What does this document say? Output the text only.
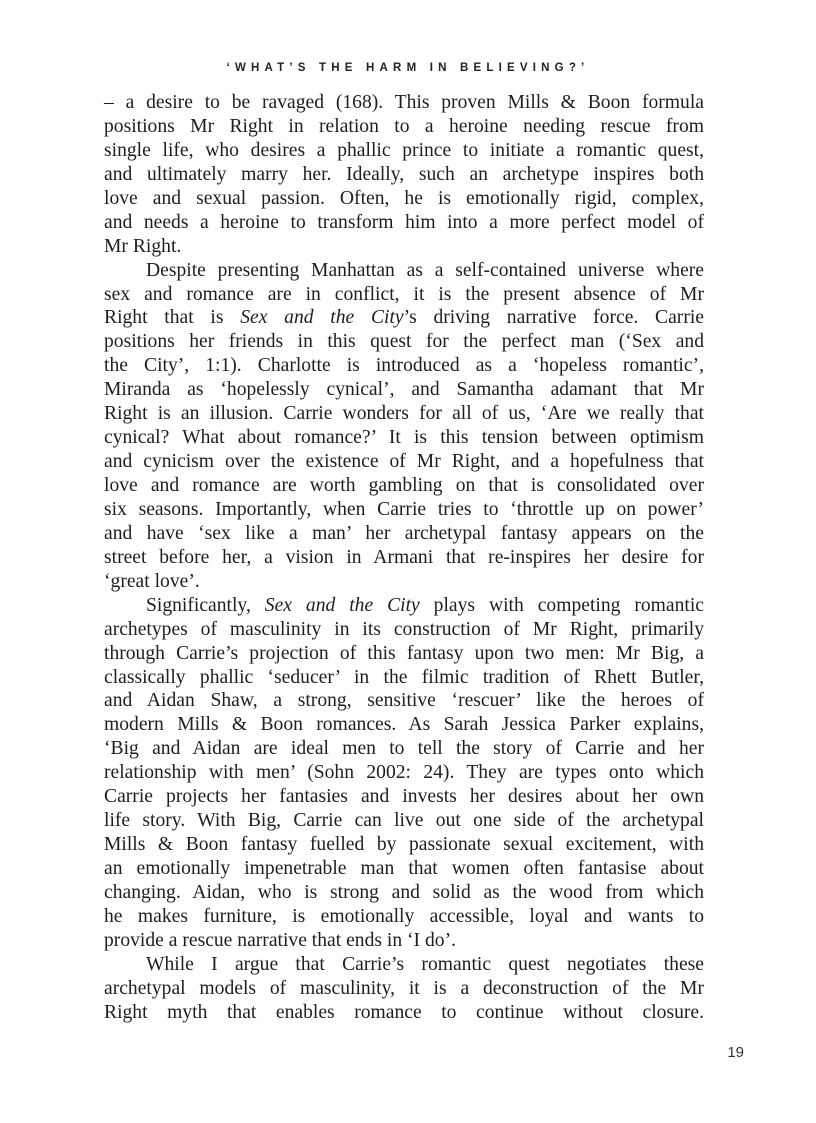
‘WHAT’S THE HARM IN BELIEVING?’
– a desire to be ravaged (168). This proven Mills & Boon formula
positions Mr Right in relation to a heroine needing rescue from
single life, who desires a phallic prince to initiate a romantic quest,
and ultimately marry her. Ideally, such an archetype inspires both
love and sexual passion. Often, he is emotionally rigid, complex,
and needs a heroine to transform him into a more perfect model of
Mr Right.
Despite presenting Manhattan as a self-contained universe where
sex and romance are in conflict, it is the present absence of Mr
Right that is Sex and the City’s driving narrative force. Carrie
positions her friends in this quest for the perfect man (‘Sex and
the City’, 1:1). Charlotte is introduced as a ‘hopeless romantic’,
Miranda as ‘hopelessly cynical’, and Samantha adamant that Mr
Right is an illusion. Carrie wonders for all of us, ‘Are we really that
cynical? What about romance?’ It is this tension between optimism
and cynicism over the existence of Mr Right, and a hopefulness that
love and romance are worth gambling on that is consolidated over
six seasons. Importantly, when Carrie tries to ‘throttle up on power’
and have ‘sex like a man’ her archetypal fantasy appears on the
street before her, a vision in Armani that re-inspires her desire for
‘great love’.
Significantly, Sex and the City plays with competing romantic
archetypes of masculinity in its construction of Mr Right, primarily
through Carrie’s projection of this fantasy upon two men: Mr Big, a
classically phallic ‘seducer’ in the filmic tradition of Rhett Butler,
and Aidan Shaw, a strong, sensitive ‘rescuer’ like the heroes of
modern Mills & Boon romances. As Sarah Jessica Parker explains,
‘Big and Aidan are ideal men to tell the story of Carrie and her
relationship with men’ (Sohn 2002: 24). They are types onto which
Carrie projects her fantasies and invests her desires about her own
life story. With Big, Carrie can live out one side of the archetypal
Mills & Boon fantasy fuelled by passionate sexual excitement, with
an emotionally impenetrable man that women often fantasise about
changing. Aidan, who is strong and solid as the wood from which
he makes furniture, is emotionally accessible, loyal and wants to
provide a rescue narrative that ends in ‘I do’.
While I argue that Carrie’s romantic quest negotiates these
archetypal models of masculinity, it is a deconstruction of the Mr
Right myth that enables romance to continue without closure.
19
